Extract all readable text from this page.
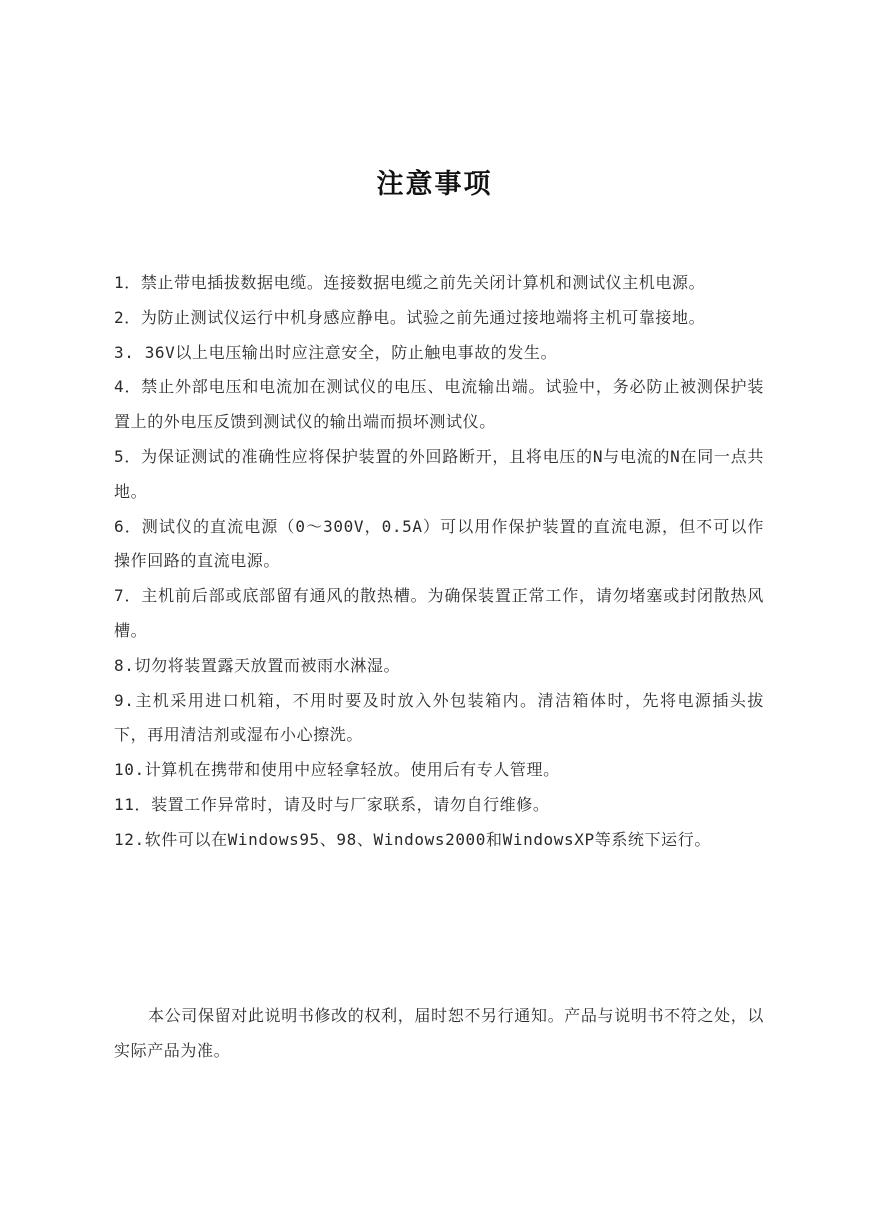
注意事项
1．禁止带电插拔数据电缆。连接数据电缆之前先关闭计算机和测试仪主机电源。
2．为防止测试仪运行中机身感应静电。试验之前先通过接地端将主机可靠接地。
3. 36V以上电压输出时应注意安全，防止触电事故的发生。
4．禁止外部电压和电流加在测试仪的电压、电流输出端。试验中，务必防止被测保护装置上的外电压反馈到测试仪的输出端而损坏测试仪。
5．为保证测试的准确性应将保护装置的外回路断开，且将电压的N与电流的N在同一点共地。
6．测试仪的直流电源（0～300V，0.5A）可以用作保护装置的直流电源，但不可以作操作回路的直流电源。
7．主机前后部或底部留有通风的散热槽。为确保装置正常工作，请勿堵塞或封闭散热风槽。
8.切勿将装置露天放置而被雨水淋湿。
9.主机采用进口机箱，不用时要及时放入外包装箱内。清洁箱体时，先将电源插头拔下，再用清洁剂或湿布小心擦洗。
10.计算机在携带和使用中应轻拿轻放。使用后有专人管理。
11．装置工作异常时，请及时与厂家联系，请勿自行维修。
12.软件可以在Windows95、98、Windows2000和WindowsXP等系统下运行。

本公司保留对此说明书修改的权利，届时恕不另行通知。产品与说明书不符之处，以实际产品为准。
